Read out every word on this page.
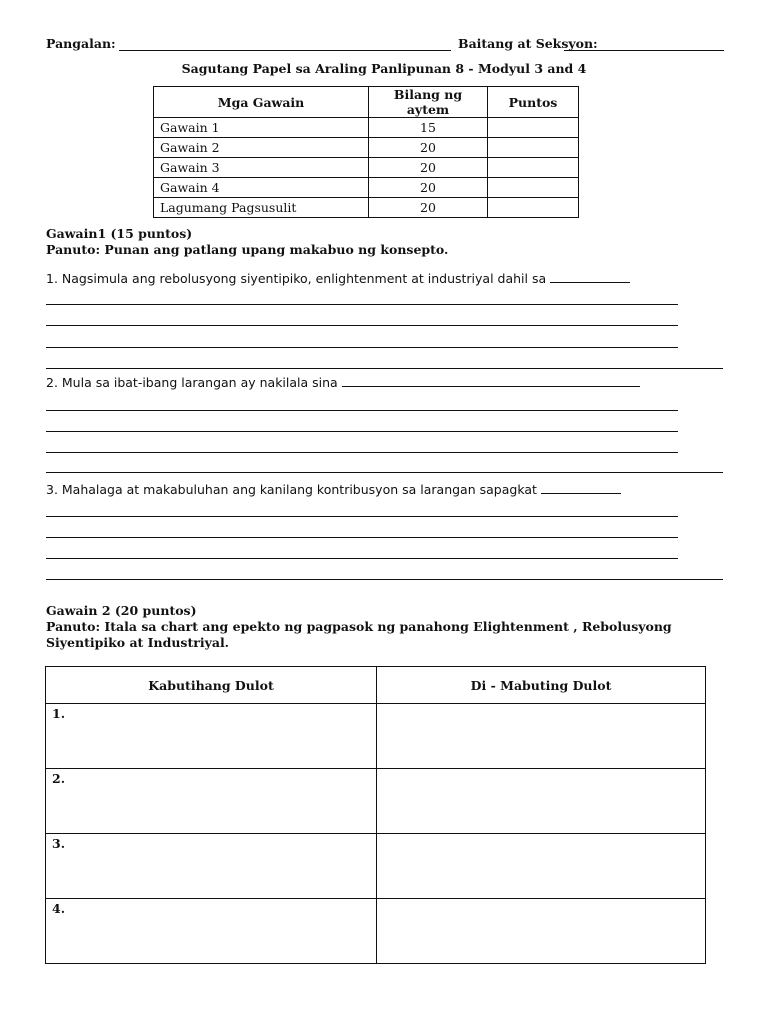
Pangalan:	Baitang at Seksyon:
Sagutang Papel sa Araling Panlipunan 8 - Modyul 3 and 4
Mga Gawain	Bilang ng aytem	Puntos
Gawain 1	15	
Gawain 2	20	
Gawain 3	20	
Gawain 4	20	
Lagumang Pagsusulit	20	
Gawain1 (15 puntos)
Panuto: Punan ang patlang upang makabuo ng konsepto.
1. Nagsimula ang rebolusyong siyentipiko, enlightenment at industriyal dahil sa
2. Mula sa ibat-ibang larangan ay nakilala sina
3. Mahalaga at makabuluhan ang kanilang kontribusyon sa larangan sapagkat
Gawain 2 (20 puntos)
Panuto: Itala sa chart ang epekto ng pagpasok ng panahong Elightenment , Rebolusyong
Siyentipiko at Industriyal.
Kabutihang Dulot	Di - Mabuting Dulot
1.	
2.	
3.	
4.	
